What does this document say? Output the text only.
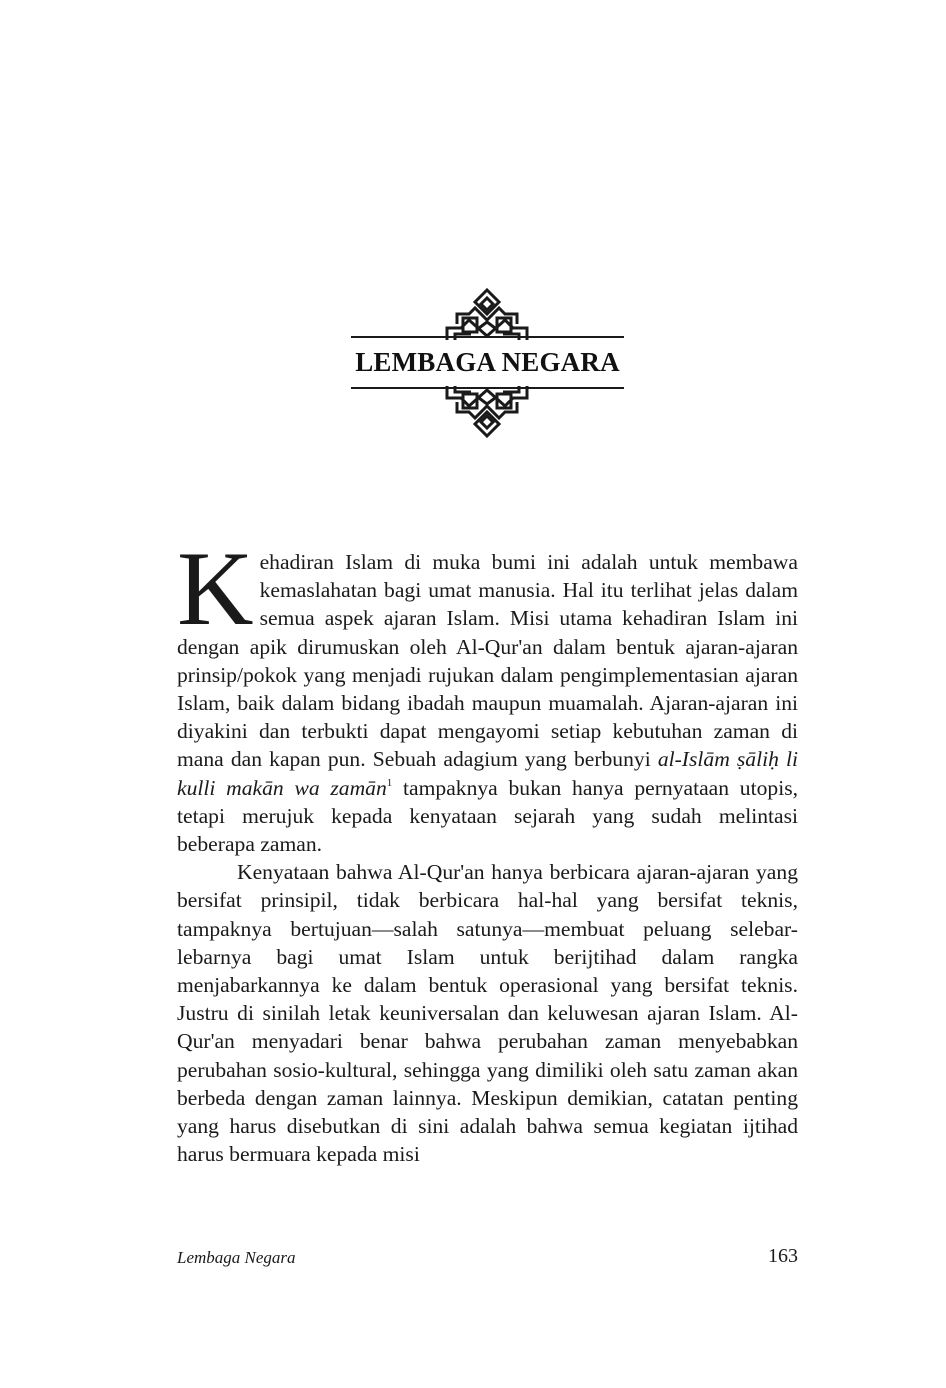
LEMBAGA NEGARA

Kehadiran Islam di muka bumi ini adalah untuk membawa kemaslahatan bagi umat manusia. Hal itu terlihat jelas dalam semua aspek ajaran Islam. Misi utama kehadiran Islam ini dengan apik dirumuskan oleh Al-Qur'an dalam bentuk ajaran-ajaran prinsip/pokok yang menjadi rujukan dalam pengimplementasian ajaran Islam, baik dalam bidang ibadah maupun muamalah. Ajaran-ajaran ini diyakini dan terbukti dapat mengayomi setiap kebutuhan zaman di mana dan kapan pun. Sebuah adagium yang berbunyi al-Islām ṣāliḥ li kulli makān wa zamān$^1$ tampaknya bukan hanya pernyataan utopis, tetapi merujuk kepada kenyataan sejarah yang sudah melintasi beberapa zaman.

Kenyataan bahwa Al-Qur'an hanya berbicara ajaran-ajaran yang bersifat prinsipil, tidak berbicara hal-hal yang bersifat teknis, tampaknya bertujuan—salah satunya—membuat peluang selebar-lebarnya bagi umat Islam untuk berijtihad dalam rangka menjabarkannya ke dalam bentuk operasional yang bersifat teknis. Justru di sinilah letak keuniversalan dan keluwesan ajaran Islam. Al-Qur'an menyadari benar bahwa perubahan zaman menyebabkan perubahan sosio-kultural, sehingga yang dimiliki oleh satu zaman akan berbeda dengan zaman lainnya. Meskipun demikian, catatan penting yang harus disebutkan di sini adalah bahwa semua kegiatan ijtihad harus bermuara kepada misi

Lembaga Negara	163
